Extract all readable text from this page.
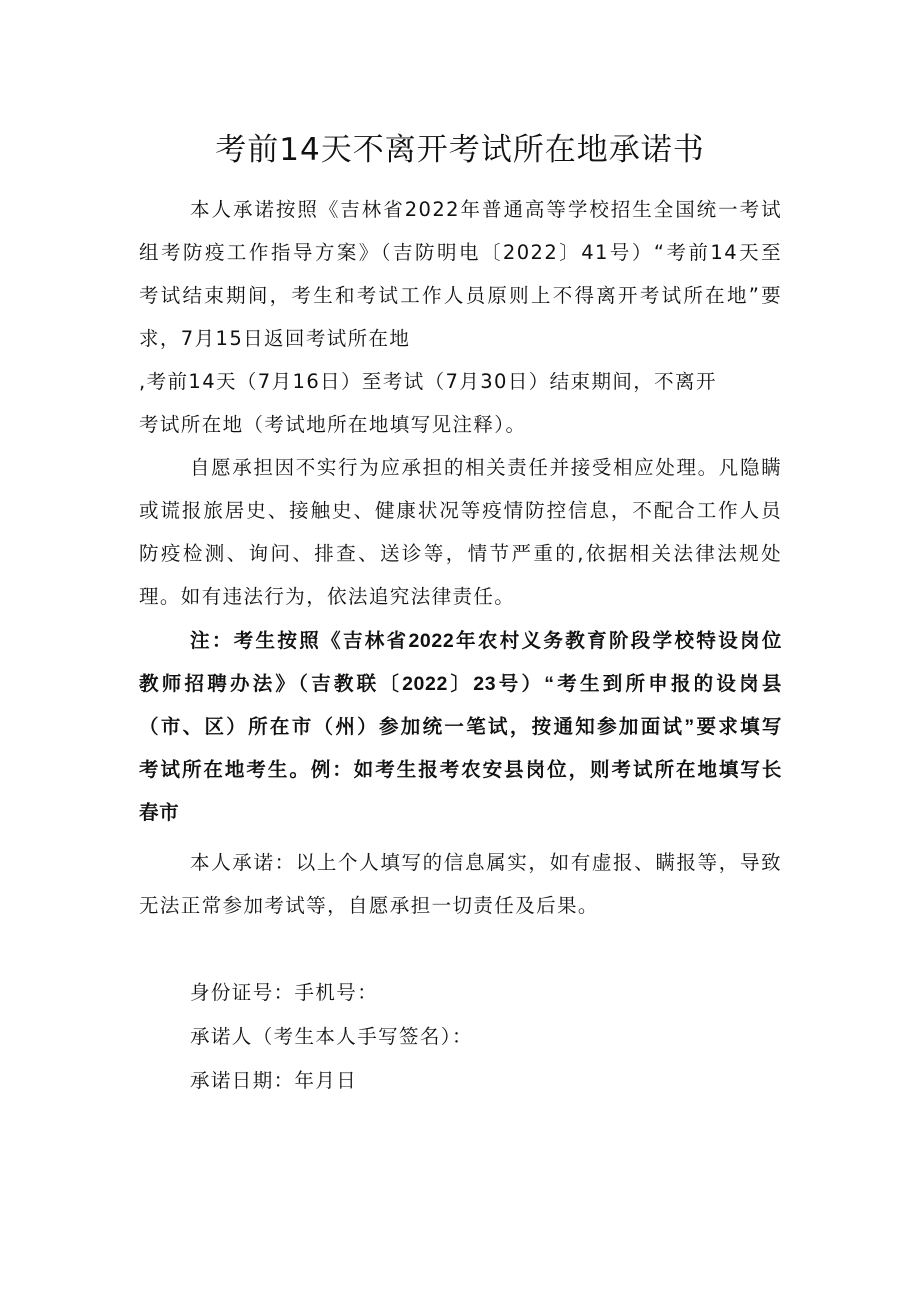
考前14天不离开考试所在地承诺书
本人承诺按照《吉林省2022年普通高等学校招生全国统一考试
组考防疫工作指导方案》（吉防明电〔2022〕41号）“考前14天至
考试结束期间，考生和考试工作人员原则上不得离开考试所在地”要
求，7月15日返回考试所在地
,考前14天（7月16日）至考试（7月30日）结束期间，不离开
考试所在地（考试地所在地填写见注释）。
自愿承担因不实行为应承担的相关责任并接受相应处理。凡隐瞒
或谎报旅居史、接触史、健康状况等疫情防控信息，不配合工作人员
防疫检测、询问、排查、送诊等，情节严重的,依据相关法律法规处
理。如有违法行为，依法追究法律责任。
注：考生按照《吉林省2022年农村义务教育阶段学校特设岗位
教师招聘办法》（吉教联〔2022〕23号）“考生到所申报的设岗县
（市、区）所在市（州）参加统一笔试，按通知参加面试”要求填写
考试所在地考生。例：如考生报考农安县岗位，则考试所在地填写长
春市
本人承诺：以上个人填写的信息属实，如有虚报、瞒报等，导致
无法正常参加考试等，自愿承担一切责任及后果。
身份证号：手机号：
承诺人（考生本人手写签名）：
承诺日期：年月日
